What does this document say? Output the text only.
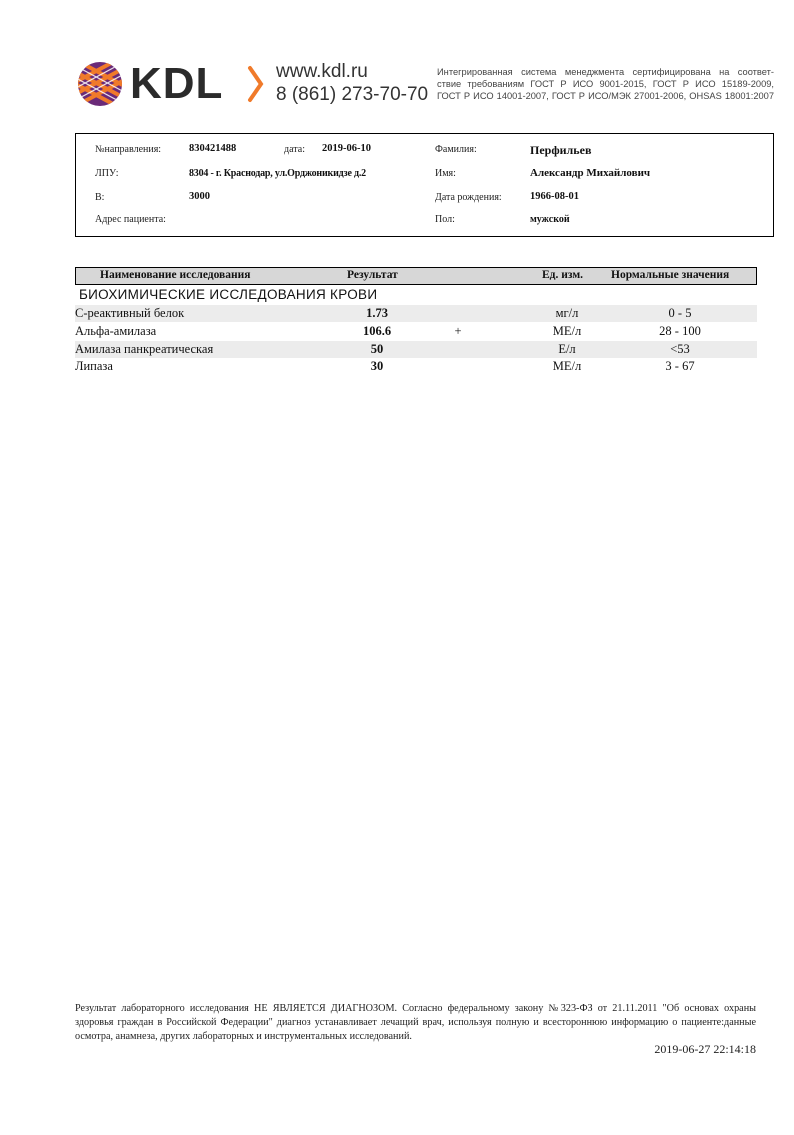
KDL	www.kdl.ru
8 (861) 273-70-70
Интегрированная система менеджмента сертифицирована на соответ-
ствие требованиям ГОСТ Р ИСО 9001-2015, ГОСТ Р ИСО 15189-2009,
ГОСТ Р ИСО 14001-2007, ГОСТ Р ИСО/МЭК 27001-2006, OHSAS 18001:2007
№направления:	830421488	дата: 2019-06-10
ЛПУ:	8304 - г. Краснодар, ул.Орджоникидзе д.2
В:	3000
Адрес пациента:
Фамилия:	Перфильев
Имя:	Александр Михайлович
Дата рождения:	1966-08-01
Пол:	мужской
Наименование исследования	Результат	Ед. изм. Нормальные значения
БИОХИМИЧЕСКИЕ ИССЛЕДОВАНИЯ КРОВИ
С-реактивный белок	1.73	мг/л	0 - 5
Альфа-амилаза	106.6	+	МЕ/л	28 - 100
Амилаза панкреатическая	50	Е/л	<53
Липаза	30	МЕ/л	3 - 67
Результат лабораторного исследования НЕ ЯВЛЯЕТСЯ ДИАГНОЗОМ. Согласно федеральному закону №323-ФЗ от 21.11.2011 "Об основах охраны здоровья граждан в Российской Федерации" диагноз устанавливает лечащий врач, используя полную и всестороннюю информацию о пациенте:данные осмотра, анамнеза, других лабораторных и инструментальных исследований.
2019-06-27 22:14:18
